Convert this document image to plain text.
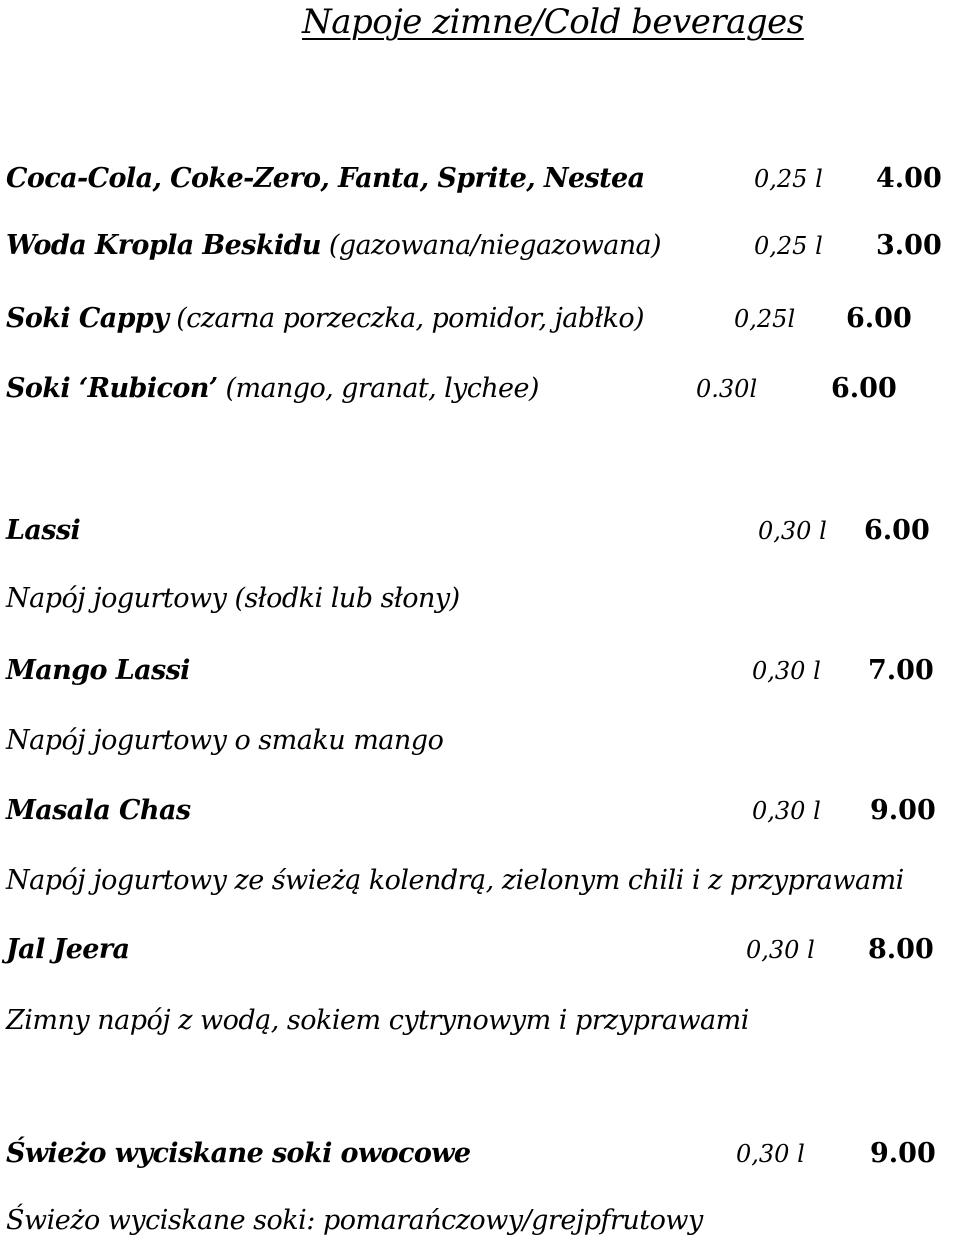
Napoje zimne/Cold beverages
Coca-Cola, Coke-Zero, Fanta, Sprite, Nestea	0,25 l 4.00
Woda Kropla Beskidu (gazowana/niegazowana)	0,25 l 3.00
Soki Cappy (czarna porzeczka, pomidor, jabłko)	0,25l 6.00
Soki ‘Rubicon’ (mango, granat, lychee)	0.30l	6.00
Lassi	0,30 l 6.00
Napój jogurtowy (słodki lub słony)
Mango Lassi	0,30 l 7.00
Napój jogurtowy o smaku mango
Masala Chas	0,30 l 9.00
Napój jogurtowy ze świeżą kolendrą, zielonym chili i z przyprawami
Jal Jeera	0,30 l 8.00
Zimny napój z wodą, sokiem cytrynowym i przyprawami
Świeżo wyciskane soki owocowe	0,30 l 9.00
Świeżo wyciskane soki: pomarańczowy/grejpfrutowy
